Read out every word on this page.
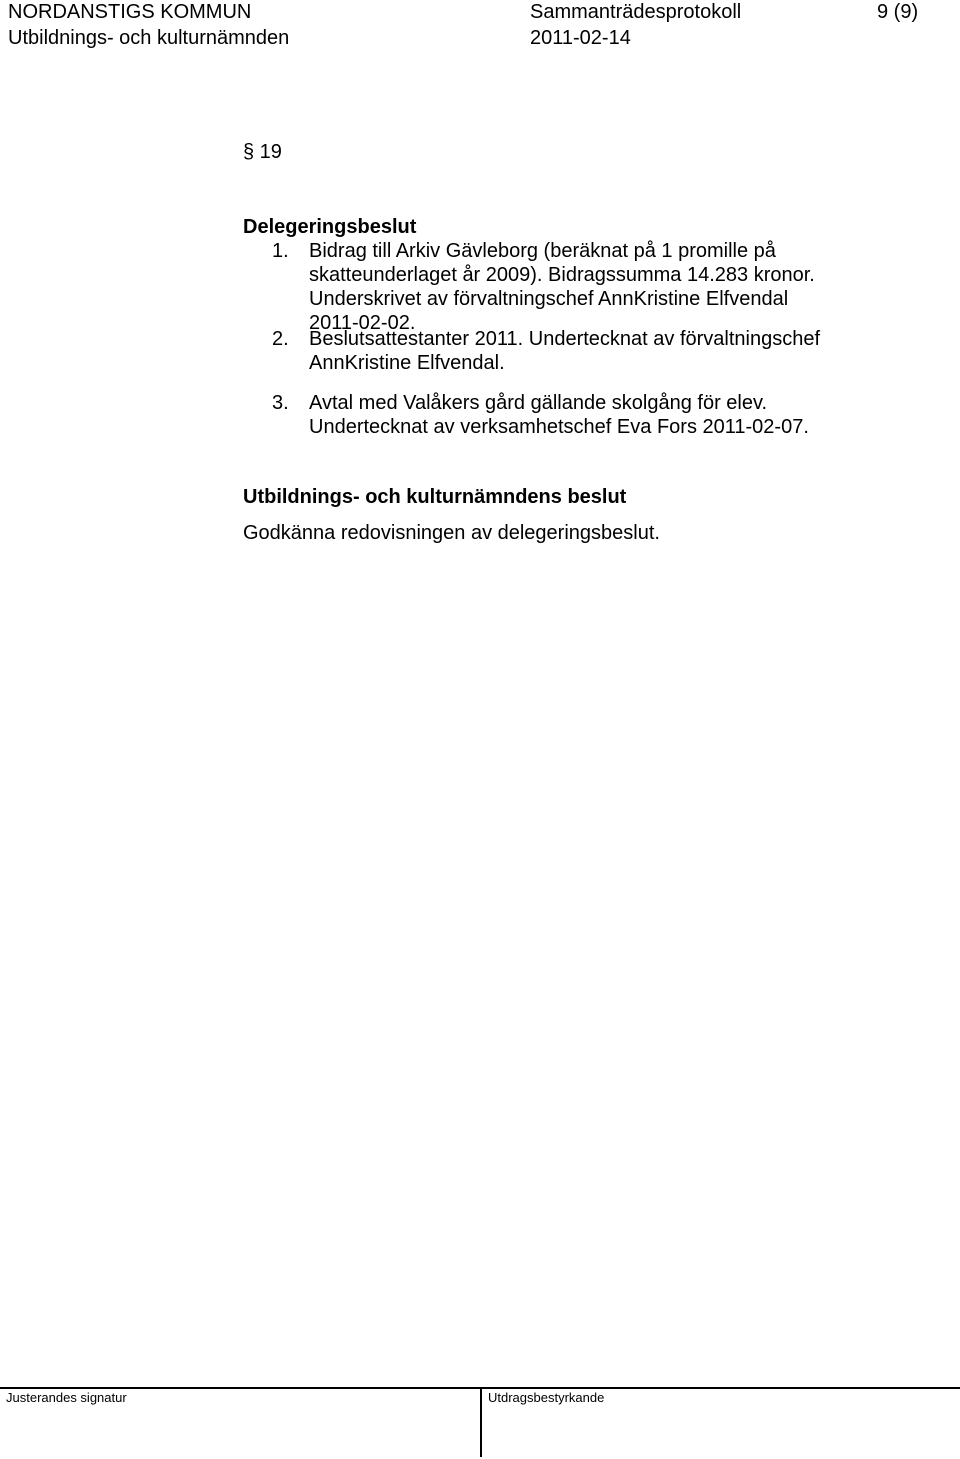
NORDANSTIGS KOMMUN
Utbildnings- och kulturnämnden
Sammanträdesprotokoll
2011-02-14
9 (9)
§ 19
Delegeringsbeslut
1. Bidrag till Arkiv Gävleborg (beräknat på 1 promille på
skatteunderlaget år 2009). Bidragssumma 14.283 kronor.
Underskrivet av förvaltningschef AnnKristine Elfvendal
2011-02-02.
2. Beslutsattestanter 2011. Undertecknat av förvaltningschef
AnnKristine Elfvendal.
3. Avtal med Valåkers gård gällande skolgång för elev.
Undertecknat av verksamhetschef Eva Fors 2011-02-07.
Utbildnings- och kulturnämndens beslut
Godkänna redovisningen av delegeringsbeslut.
Justerandes signatur	Utdragsbestyrkande
